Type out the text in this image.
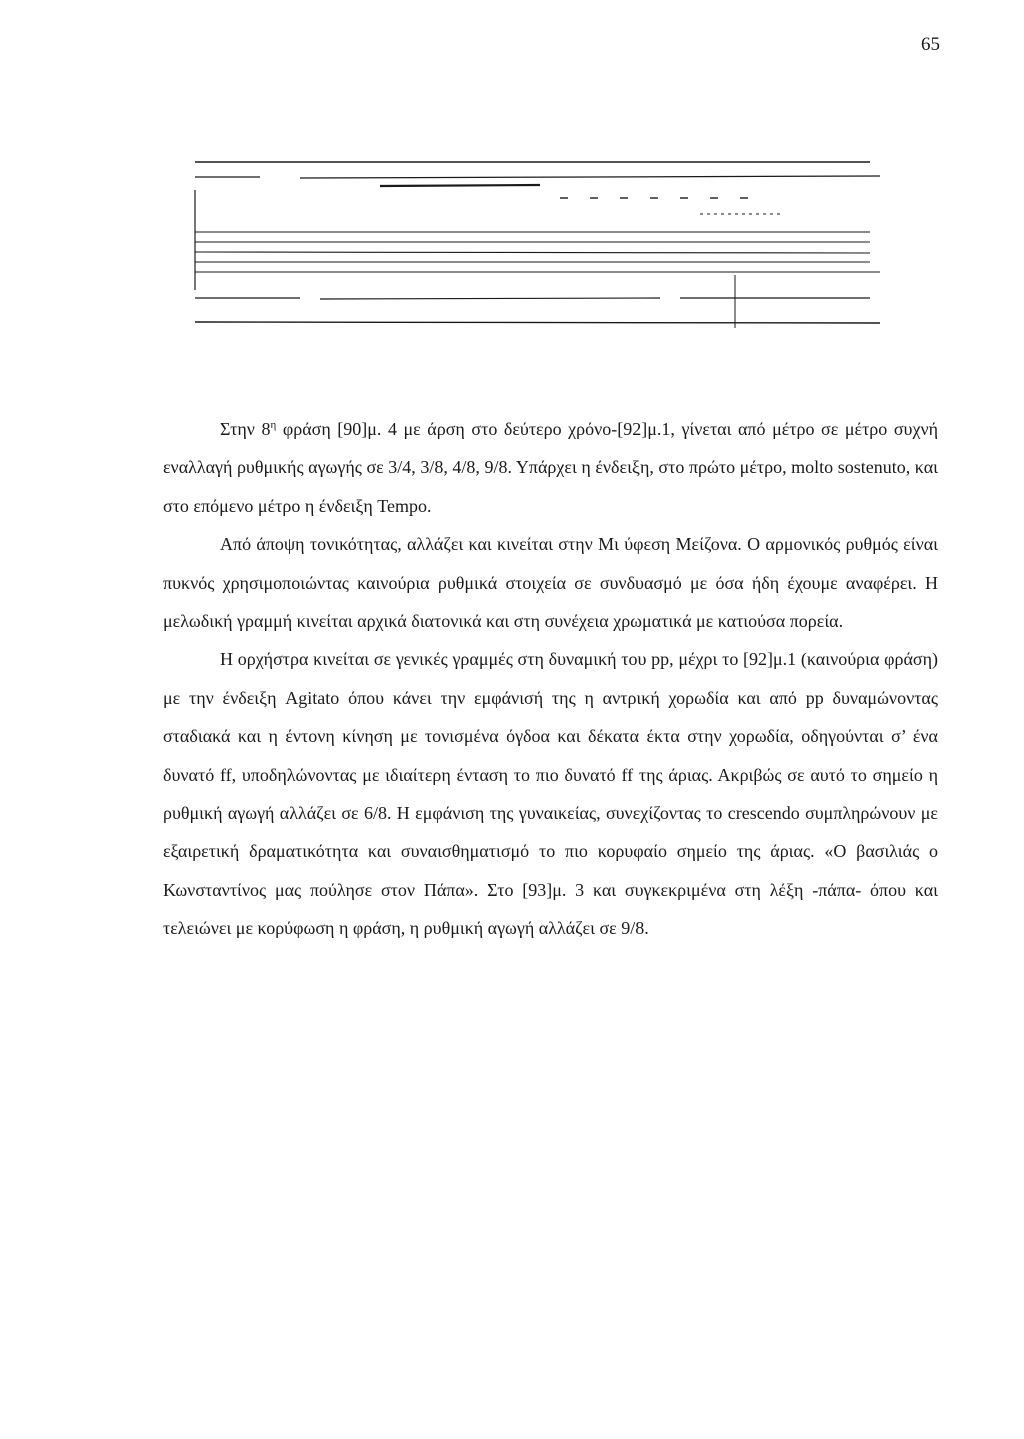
65

Στην $8^\eta$ φράση [90]μ. 4 με άρση στο δεύτερο χρόνο-[92]μ.1, γίνεται από μέτρο σε μέτρο συχνή εναλλαγή ρυθμικής αγωγής σε 3/4, 3/8, 4/8, 9/8. Υπάρχει η ένδειξη, στο πρώτο μέτρο, molto sostenuto, και στο επόμενο μέτρο η ένδειξη Tempo.

Από άποψη τονικότητας, αλλάζει και κινείται στην Μι ύφεση Μείζονα. Ο αρμονικός ρυθμός είναι πυκνός χρησιμοποιώντας καινούρια ρυθμικά στοιχεία σε συνδυασμό με όσα ήδη έχουμε αναφέρει. Η μελωδική γραμμή κινείται αρχικά διατονικά και στη συνέχεια χρωματικά με κατιούσα πορεία.

Η ορχήστρα κινείται σε γενικές γραμμές στη δυναμική του pp, μέχρι το [92]μ.1 (καινούρια φράση) με την ένδειξη Agitato όπου κάνει την εμφάνισή της η αντρική χορωδία και από pp δυναμώνοντας σταδιακά και η έντονη κίνηση με τονισμένα όγδοα και δέκατα έκτα στην χορωδία, οδηγούνται σ’ ένα δυνατό ff, υποδηλώνοντας με ιδιαίτερη ένταση το πιο δυνατό ff της άριας. Ακριβώς σε αυτό το σημείο η ρυθμική αγωγή αλλάζει σε 6/8. Η εμφάνιση της γυναικείας, συνεχίζοντας το crescendo συμπληρώνουν με εξαιρετική δραματικότητα και συναισθηματισμό το πιο κορυφαίο σημείο της άριας. «Ο βασιλιάς ο Κωνσταντίνος μας πούλησε στον Πάπα». Στο [93]μ. 3 και συγκεκριμένα στη λέξη -πάπα- όπου και τελειώνει με κορύφωση η φράση, η ρυθμική αγωγή αλλάζει σε 9/8.
